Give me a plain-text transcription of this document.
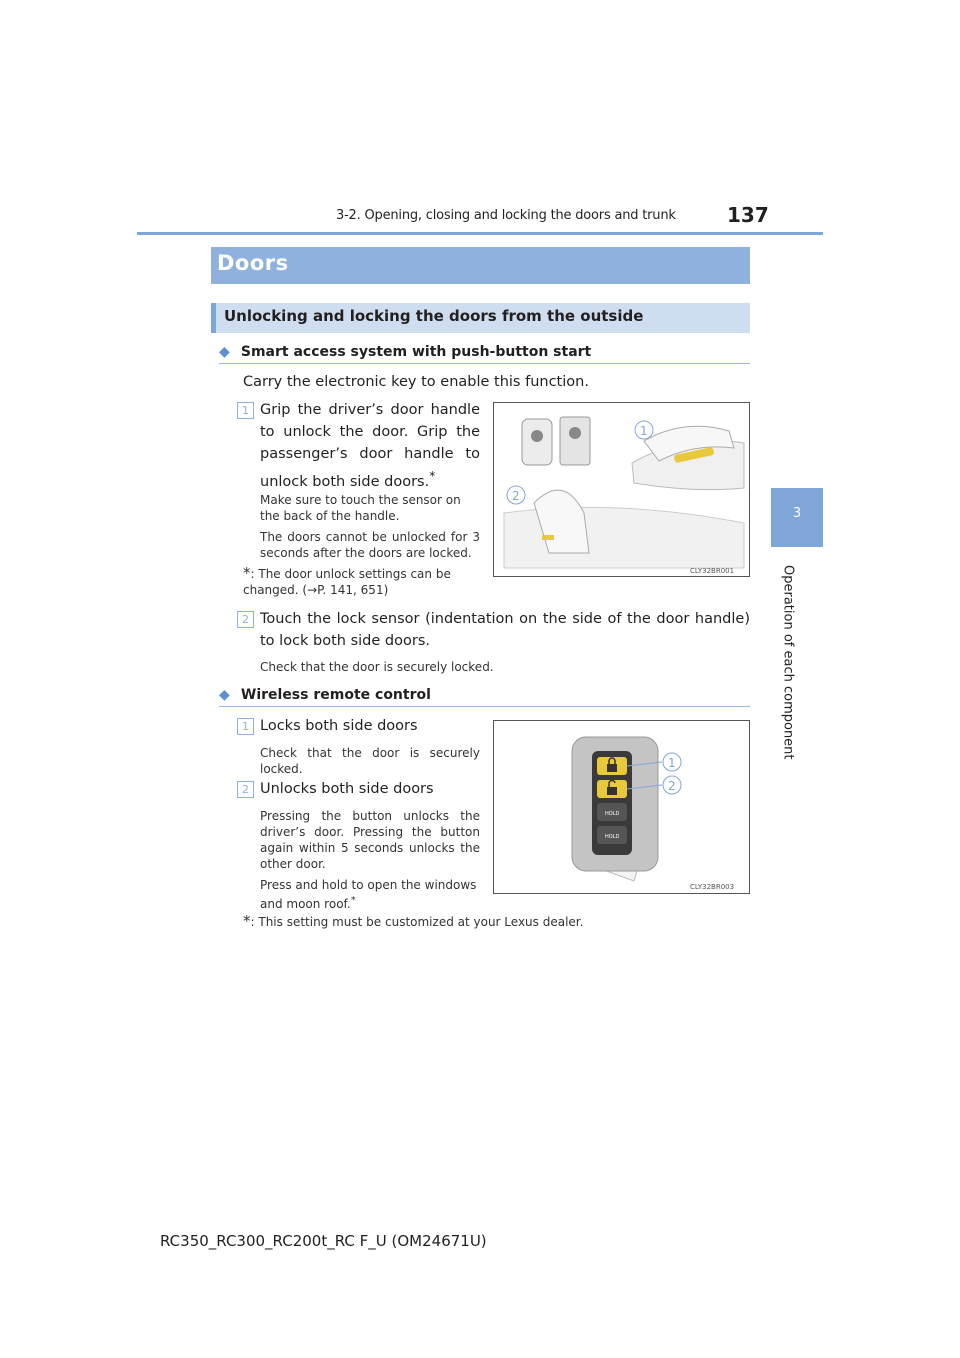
3-2. Opening, closing and locking the doors and trunk	137
3
Operation of each component
Doors
Unlocking and locking the doors from the outside
◆ Smart access system with push-button start
Carry the electronic key to enable this function.
1 Grip the driver’s door handle to unlock the door. Grip the passenger’s door handle to unlock both side doors.*
Make sure to touch the sensor on the back of the handle.
The doors cannot be unlocked for 3 seconds after the doors are locked.
*: The door unlock settings can be changed. (→P. 141, 651)
1
2
CLY32BR001
2 Touch the lock sensor (indentation on the side of the door handle) to lock both side doors.
Check that the door is securely locked.
◆ Wireless remote control
1 Locks both side doors
Check that the door is securely locked.
2 Unlocks both side doors
Pressing the button unlocks the driver’s door. Pressing the button again within 5 seconds unlocks the other door.
Press and hold to open the windows and moon roof.*
*: This setting must be customized at your Lexus dealer.
HOLD
HOLD
1
2
CLY32BR003
RC350_RC300_RC200t_RC F_U (OM24671U)
